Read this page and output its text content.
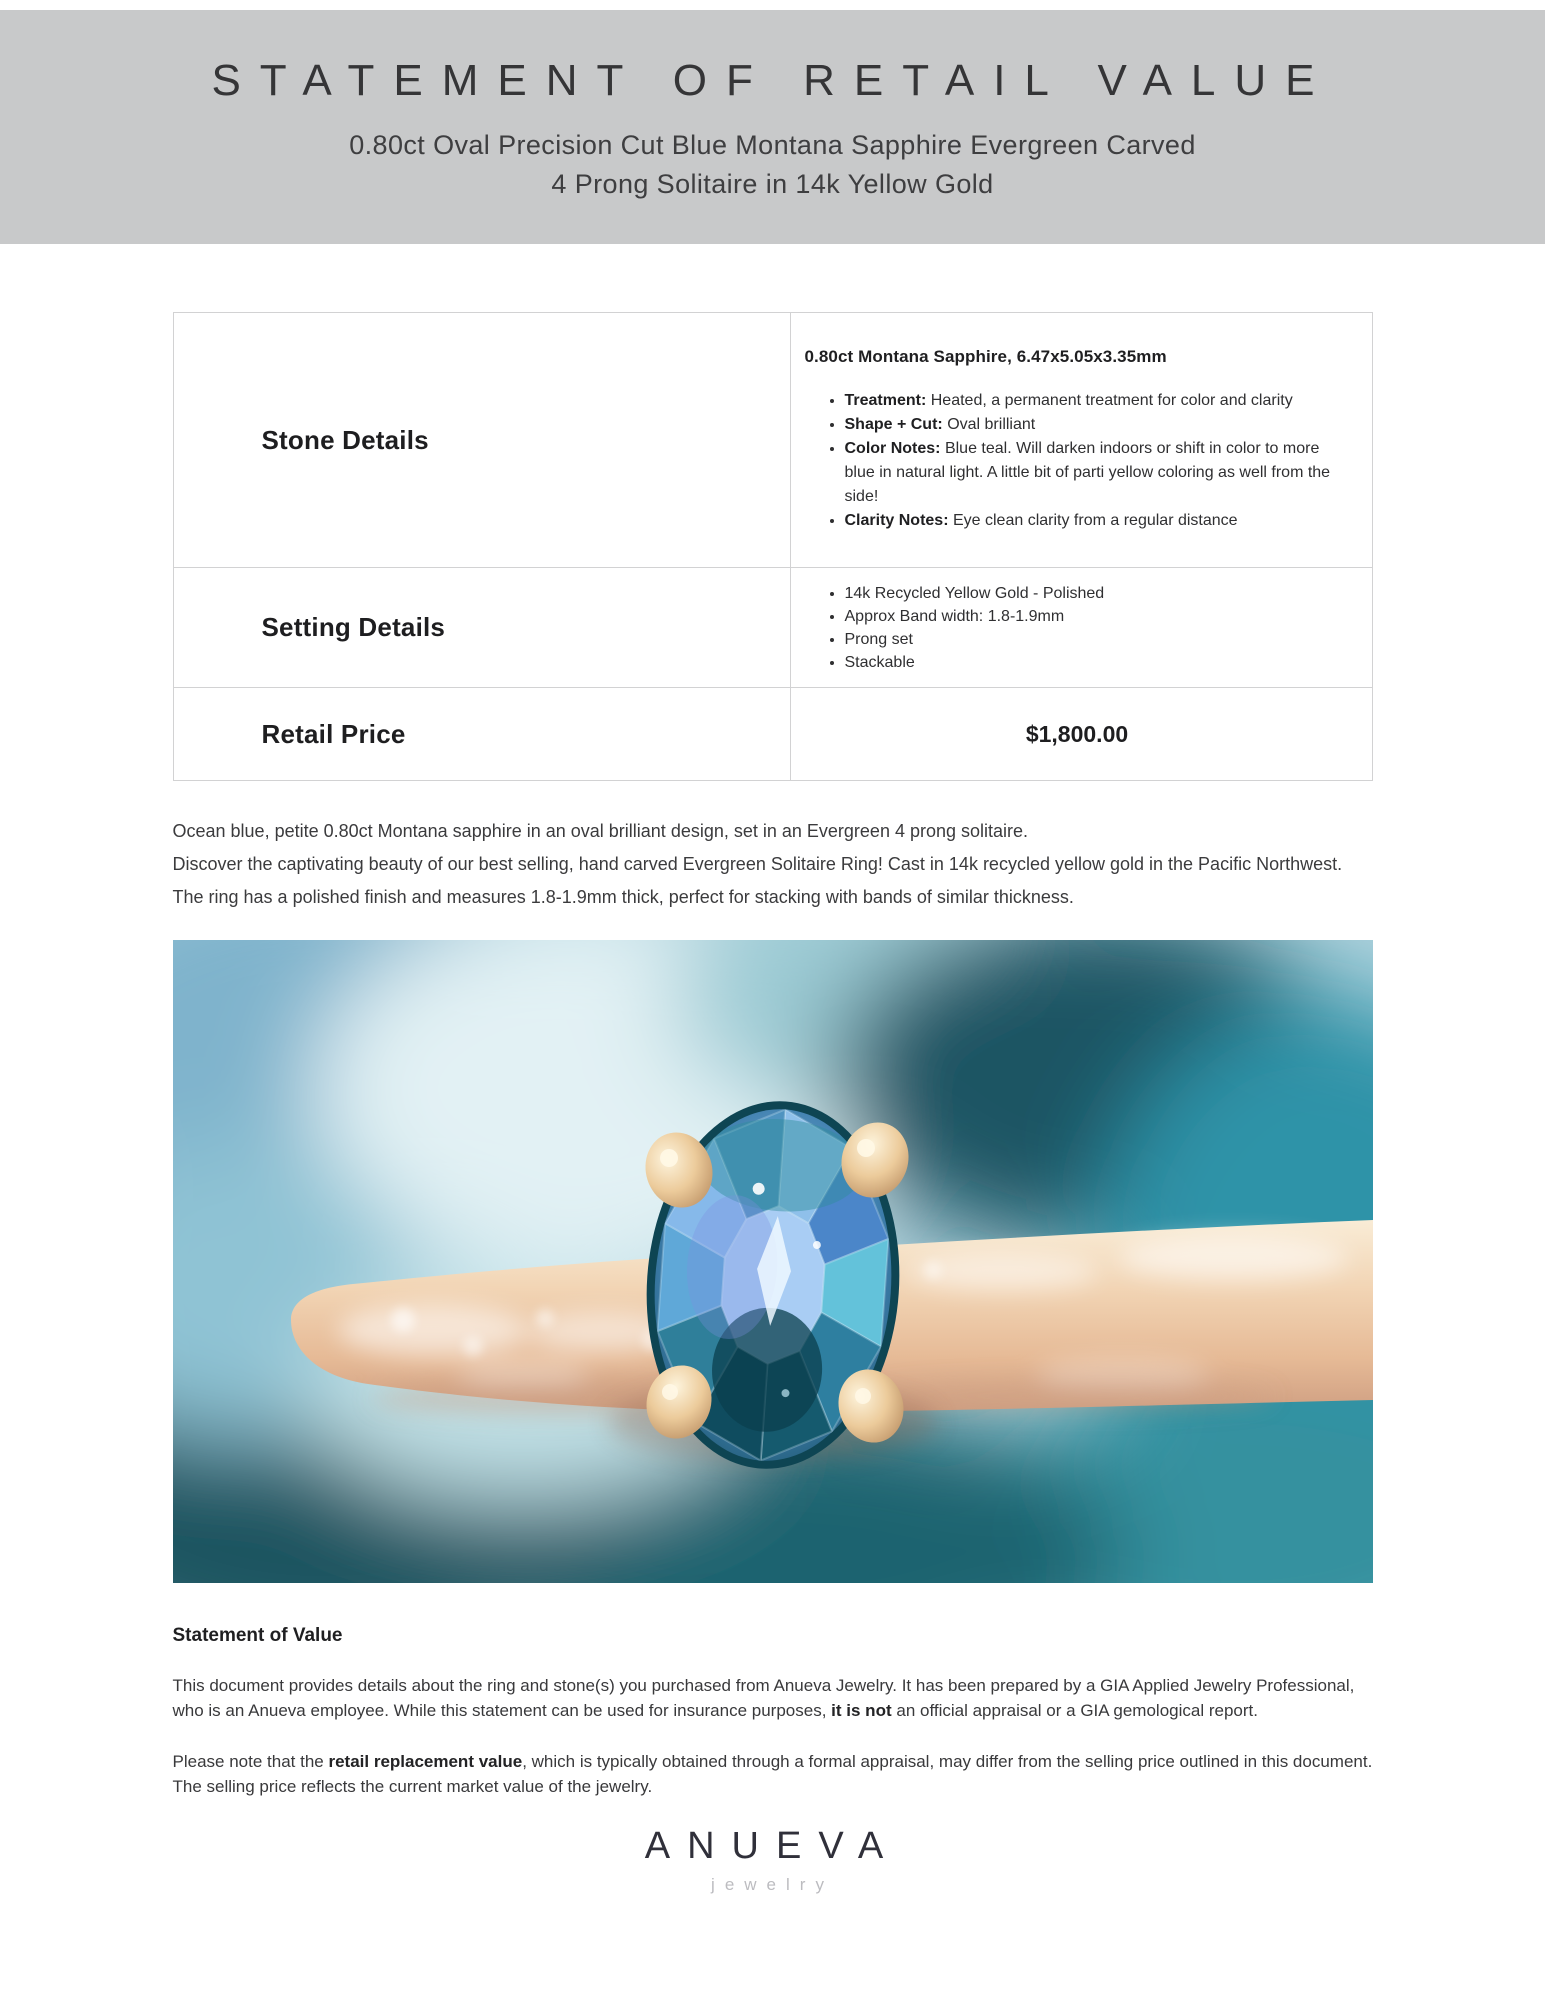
STATEMENT OF RETAIL VALUE
0.80ct Oval Precision Cut Blue Montana Sapphire Evergreen Carved
4 Prong Solitaire in 14k Yellow Gold
Stone Details	
0.80ct Montana Sapphire, 6.47x5.05x3.35mm
• Treatment: Heated, a permanent treatment for color and clarity
• Shape + Cut: Oval brilliant
• Color Notes: Blue teal. Will darken indoors or shift in color to more blue in natural light. A little bit of parti yellow coloring as well from the side!
• Clarity Notes: Eye clean clarity from a regular distance

Setting Details	
• 14k Recycled Yellow Gold - Polished
• Approx Band width: 1.8-1.9mm
• Prong set
• Stackable

Retail Price	$1,800.00

Ocean blue, petite 0.80ct Montana sapphire in an oval brilliant design, set in an Evergreen 4 prong solitaire.

Discover the captivating beauty of our best selling, hand carved Evergreen Solitaire Ring! Cast in 14k recycled yellow gold in the Pacific Northwest. The ring has a polished finish and measures 1.8-1.9mm thick, perfect for stacking with bands of similar thickness.

Statement of Value

This document provides details about the ring and stone(s) you purchased from Anueva Jewelry. It has been prepared by a GIA Applied Jewelry Professional, who is an Anueva employee. While this statement can be used for insurance purposes, it is not an official appraisal or a GIA gemological report.

Please note that the retail replacement value, which is typically obtained through a formal appraisal, may differ from the selling price outlined in this document. The selling price reflects the current market value of the jewelry.

ANUEVA
jewelry
